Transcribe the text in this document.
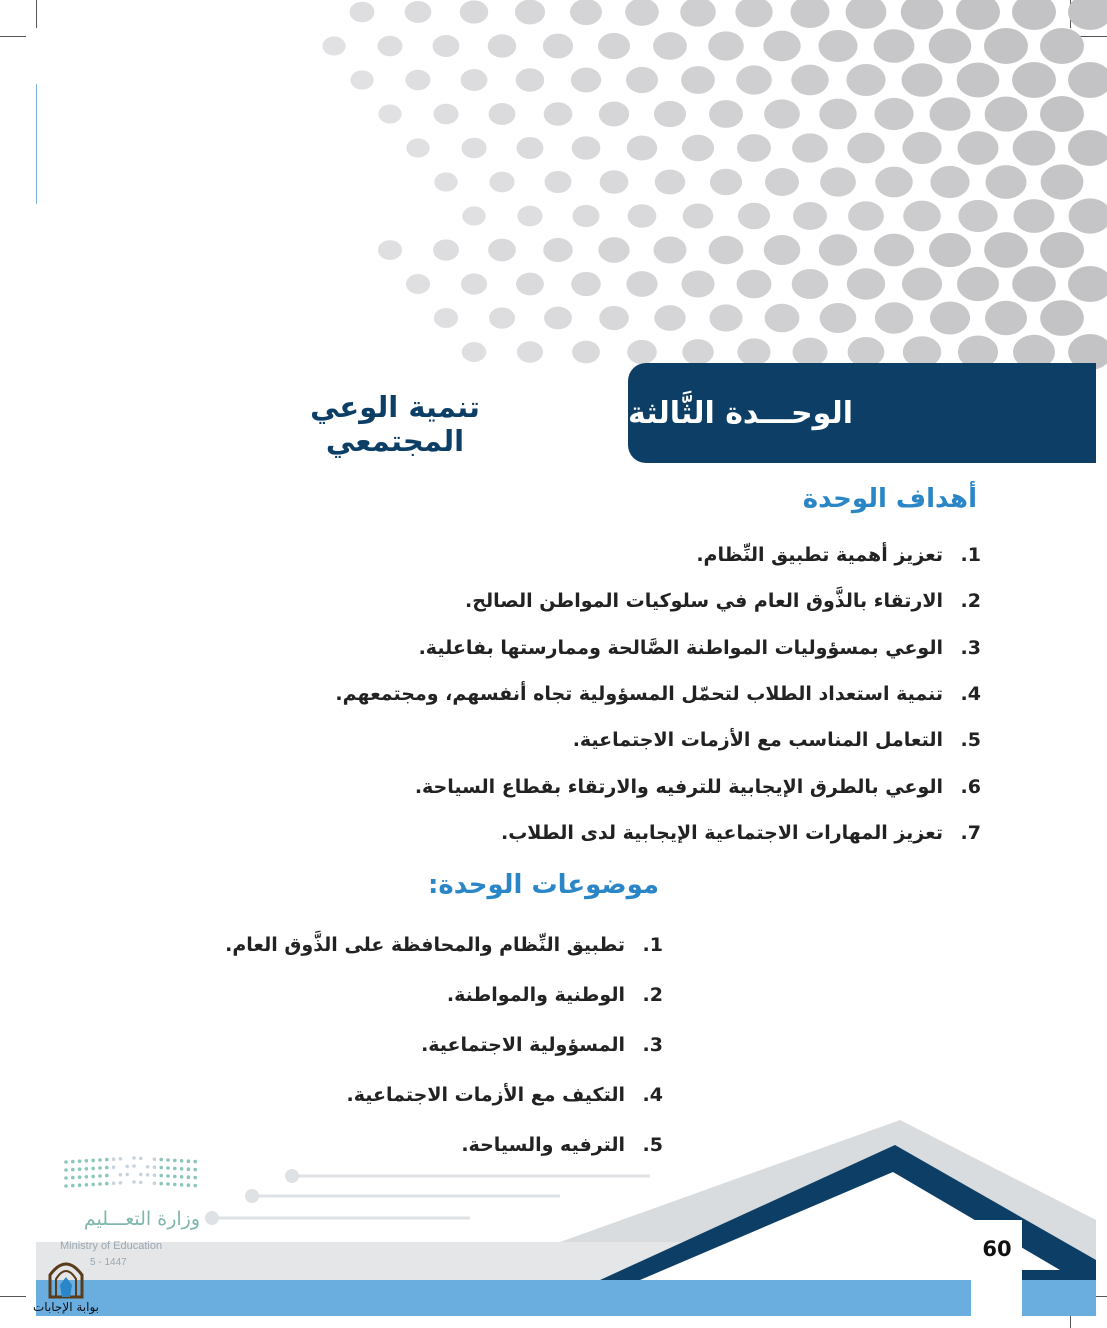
الوحـــدة الثَّالثة
تنمية الوعي المجتمعي
أهداف الوحدة
1.
تعزيز أهمية تطبيق النِّظام.
2.
الارتقاء بالذَّوق العام في سلوكيات المواطن الصالح.
3.
الوعي بمسؤوليات المواطنة الصَّالحة وممارستها بفاعلية.
4.
تنمية استعداد الطلاب لتحمّل المسؤولية تجاه أنفسهم، ومجتمعهم.
5.
التعامل المناسب مع الأزمات الاجتماعية.
6.
الوعي بالطرق الإيجابية للترفيه والارتقاء بقطاع السياحة.
7.
تعزيز المهارات الاجتماعية الإيجابية لدى الطلاب.
موضوعات الوحدة:
1.
تطبيق النِّظام والمحافظة على الذَّوق العام.
2.
الوطنية والمواطنة.
3.
المسؤولية الاجتماعية.
4.
التكيف مع الأزمات الاجتماعية.
5.
الترفيه والسياحة.
60
وزارة التعـــليم
Ministry of Education
5 - 1447
بوابة الإجابات
